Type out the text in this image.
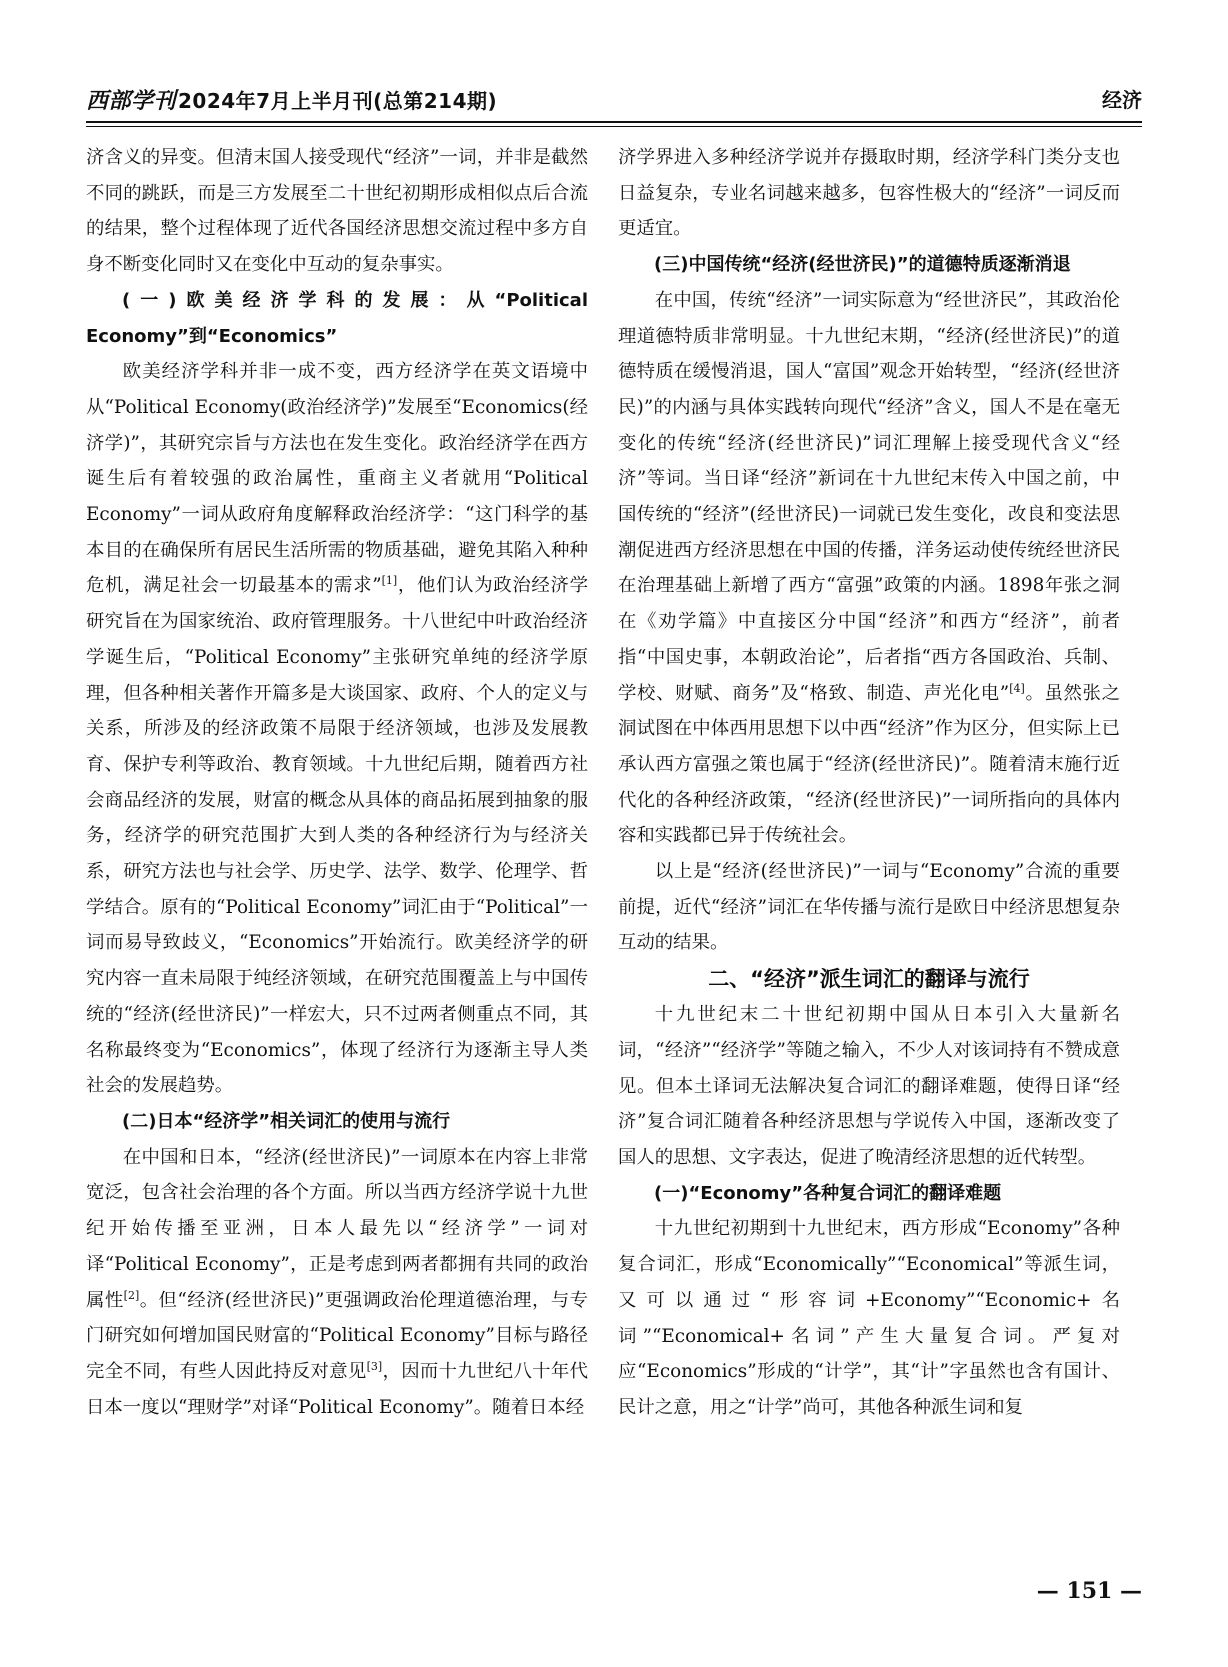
西部学刊 2024年7月上半月刊(总第214期)	经济

济含义的异变。但清末国人接受现代“经济”一词，并非是截然不同的跳跃，而是三方发展至二十世纪初期形成相似点后合流的结果，整个过程体现了近代各国经济思想交流过程中多方自身不断变化同时又在变化中互动的复杂事实。

(一)欧美经济学科的发展：从“Political Economy”到“Economics”

欧美经济学科并非一成不变，西方经济学在英文语境中从“Political Economy(政治经济学)”发展至“Economics(经济学)”，其研究宗旨与方法也在发生变化。政治经济学在西方诞生后有着较强的政治属性，重商主义者就用“Political Economy”一词从政府角度解释政治经济学：“这门科学的基本目的在确保所有居民生活所需的物质基础，避免其陷入种种危机，满足社会一切最基本的需求”[1]，他们认为政治经济学研究旨在为国家统治、政府管理服务。十八世纪中叶政治经济学诞生后，“Political Economy”主张研究单纯的经济学原理，但各种相关著作开篇多是大谈国家、政府、个人的定义与关系，所涉及的经济政策不局限于经济领域，也涉及发展教育、保护专利等政治、教育领域。十九世纪后期，随着西方社会商品经济的发展，财富的概念从具体的商品拓展到抽象的服务，经济学的研究范围扩大到人类的各种经济行为与经济关系，研究方法也与社会学、历史学、法学、数学、伦理学、哲学结合。原有的“Political Economy”词汇由于“Political”一词而易导致歧义，“Economics”开始流行。欧美经济学的研究内容一直未局限于纯经济领域，在研究范围覆盖上与中国传统的“经济(经世济民)”一样宏大，只不过两者侧重点不同，其名称最终变为“Economics”，体现了经济行为逐渐主导人类社会的发展趋势。

(二)日本“经济学”相关词汇的使用与流行

在中国和日本，“经济(经世济民)”一词原本在内容上非常宽泛，包含社会治理的各个方面。所以当西方经济学说十九世纪开始传播至亚洲，日本人最先以“经济学”一词对译“Political Economy”，正是考虑到两者都拥有共同的政治属性[2]。但“经济(经世济民)”更强调政治伦理道德治理，与专门研究如何增加国民财富的“Political Economy”目标与路径完全不同，有些人因此持反对意见[3]，因而十九世纪八十年代日本一度以“理财学”对译“Political Economy”。随着日本经

济学界进入多种经济学说并存摄取时期，经济学科门类分支也日益复杂，专业名词越来越多，包容性极大的“经济”一词反而更适宜。

(三)中国传统“经济(经世济民)”的道德特质逐渐消退

在中国，传统“经济”一词实际意为“经世济民”，其政治伦理道德特质非常明显。十九世纪末期，“经济(经世济民)”的道德特质在缓慢消退，国人“富国”观念开始转型，“经济(经世济民)”的内涵与具体实践转向现代“经济”含义，国人不是在毫无变化的传统“经济(经世济民)”词汇理解上接受现代含义“经济”等词。当日译“经济”新词在十九世纪末传入中国之前，中国传统的“经济”(经世济民)一词就已发生变化，改良和变法思潮促进西方经济思想在中国的传播，洋务运动使传统经世济民在治理基础上新增了西方“富强”政策的内涵。1898年张之洞在《劝学篇》中直接区分中国“经济”和西方“经济”，前者指“中国史事，本朝政治论”，后者指“西方各国政治、兵制、学校、财赋、商务”及“格致、制造、声光化电”[4]。虽然张之洞试图在中体西用思想下以中西“经济”作为区分，但实际上已承认西方富强之策也属于“经济(经世济民)”。随着清末施行近代化的各种经济政策，“经济(经世济民)”一词所指向的具体内容和实践都已异于传统社会。

以上是“经济(经世济民)”一词与“Economy”合流的重要前提，近代“经济”词汇在华传播与流行是欧日中经济思想复杂互动的结果。

二、“经济”派生词汇的翻译与流行

十九世纪末二十世纪初期中国从日本引入大量新名词，“经济”“经济学”等随之输入，不少人对该词持有不赞成意见。但本土译词无法解决复合词汇的翻译难题，使得日译“经济”复合词汇随着各种经济思想与学说传入中国，逐渐改变了国人的思想、文字表达，促进了晚清经济思想的近代转型。

(一)“Economy”各种复合词汇的翻译难题

十九世纪初期到十九世纪末，西方形成“Economy”各种复合词汇，形成“Economically”“Economical”等派生词，又可以通过“形容词+Economy”“Economic+名词”“Economical+名词”产生大量复合词。严复对应“Economics”形成的“计学”，其“计”字虽然也含有国计、民计之意，用之“计学”尚可，其他各种派生词和复

— 151 —
